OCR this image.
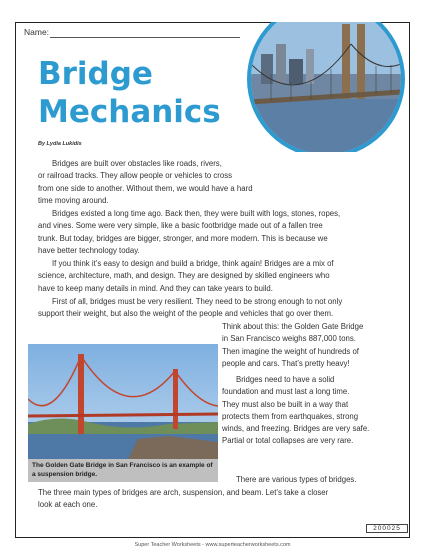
Name:
Bridge
Mechanics
By Lydia Lukidis

Bridges are built over obstacles like roads, rivers,
or railroad tracks. They allow people or vehicles to cross
from one side to another. Without them, we would have a hard
time moving around.

Bridges existed a long time ago. Back then, they were built with logs, stones, ropes,
and vines. Some were very simple, like a basic footbridge made out of a fallen tree
trunk. But today, bridges are bigger, stronger, and more modern. This is because we
have better technology today.

If you think it’s easy to design and build a bridge, think again! Bridges are a mix of
science, architecture, math, and design. They are designed by skilled engineers who
have to keep many details in mind. And they can take years to build.

First of all, bridges must be very resilient. They need to be strong enough to not only
support their weight, but also the weight of the people and vehicles that go over them.

Think about this: the Golden Gate Bridge
in San Francisco weighs 887,000 tons.
Then imagine the weight of hundreds of
people and cars. That’s pretty heavy!

Bridges need to have a solid
foundation and must last a long time.
They must also be built in a way that
protects them from earthquakes, strong
winds, and freezing. Bridges are very safe.
Partial or total collapses are very rare.

There are various types of bridges.

The three main types of bridges are arch, suspension, and beam. Let’s take a closer
look at each one.

The Golden Gate Bridge in San Francisco is an example of a suspension bridge.
200025
Super Teacher Worksheets - www.superteacherworksheets.com
